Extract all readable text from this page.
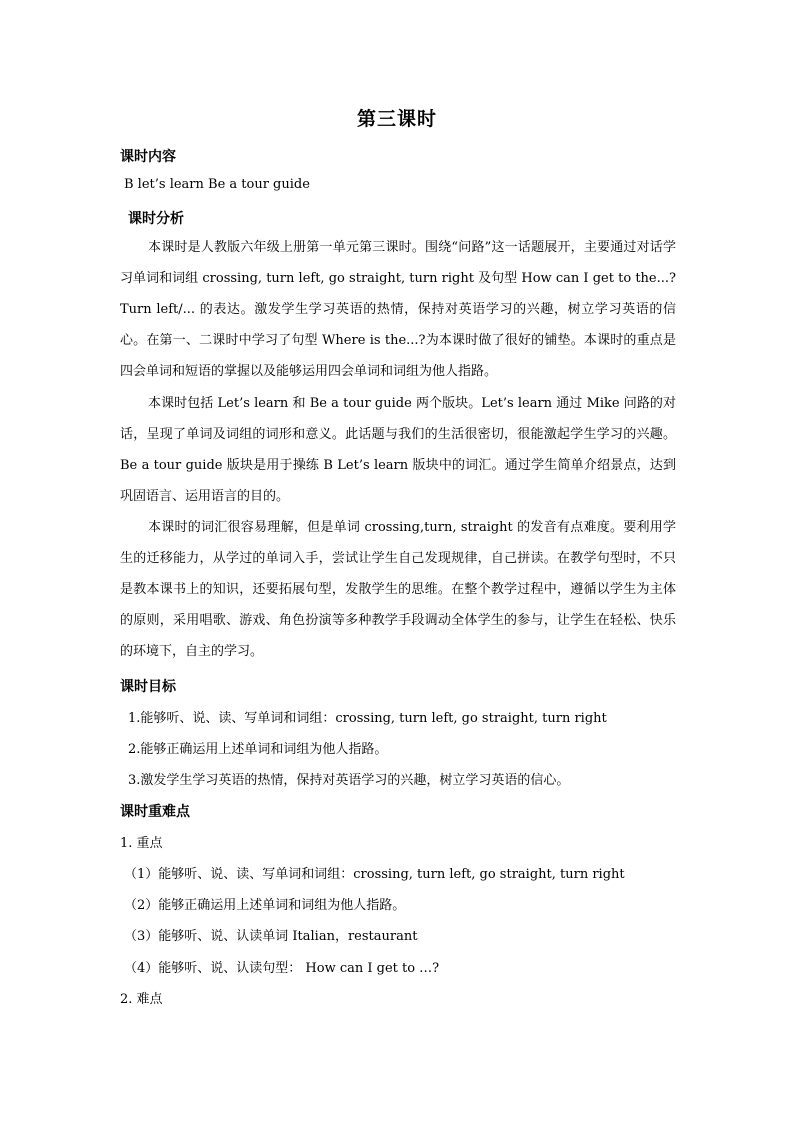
第三课时
课时内容
B let’s learn Be a tour guide
课时分析
本课时是人教版六年级上册第一单元第三课时。围绕“问路”这一话题展开，主要通过对话学习单词和词组 crossing, turn left, go straight, turn right 及句型 How can I get to the...? Turn left/... 的表达。激发学生学习英语的热情，保持对英语学习的兴趣，树立学习英语的信心。在第一、二课时中学习了句型 Where is the...?为本课时做了很好的铺垫。本课时的重点是四会单词和短语的掌握以及能够运用四会单词和词组为他人指路。
本课时包括 Let’s learn 和 Be a tour guide 两个版块。Let’s learn 通过 Mike 问路的对话，呈现了单词及词组的词形和意义。此话题与我们的生活很密切，很能激起学生学习的兴趣。Be a tour guide 版块是用于操练 B Let’s learn 版块中的词汇。通过学生简单介绍景点，达到巩固语言、运用语言的目的。
本课时的词汇很容易理解，但是单词 crossing,turn, straight 的发音有点难度。要利用学生的迁移能力，从学过的单词入手，尝试让学生自己发现规律，自己拼读。在教学句型时，不只是教本课书上的知识，还要拓展句型，发散学生的思维。在整个教学过程中，遵循以学生为主体的原则，采用唱歌、游戏、角色扮演等多种教学手段调动全体学生的参与，让学生在轻松、快乐的环境下，自主的学习。
课时目标
1.能够听、说、读、写单词和词组：crossing, turn left, go straight, turn right
2.能够正确运用上述单词和词组为他人指路。
3.激发学生学习英语的热情，保持对英语学习的兴趣，树立学习英语的信心。
课时重难点
1. 重点
（1）能够听、说、读、写单词和词组：crossing, turn left, go straight, turn right
（2）能够正确运用上述单词和词组为他人指路。
（3）能够听、说、认读单词 Italian，restaurant
（4）能够听、说、认读句型： How can I get to …?
2. 难点
